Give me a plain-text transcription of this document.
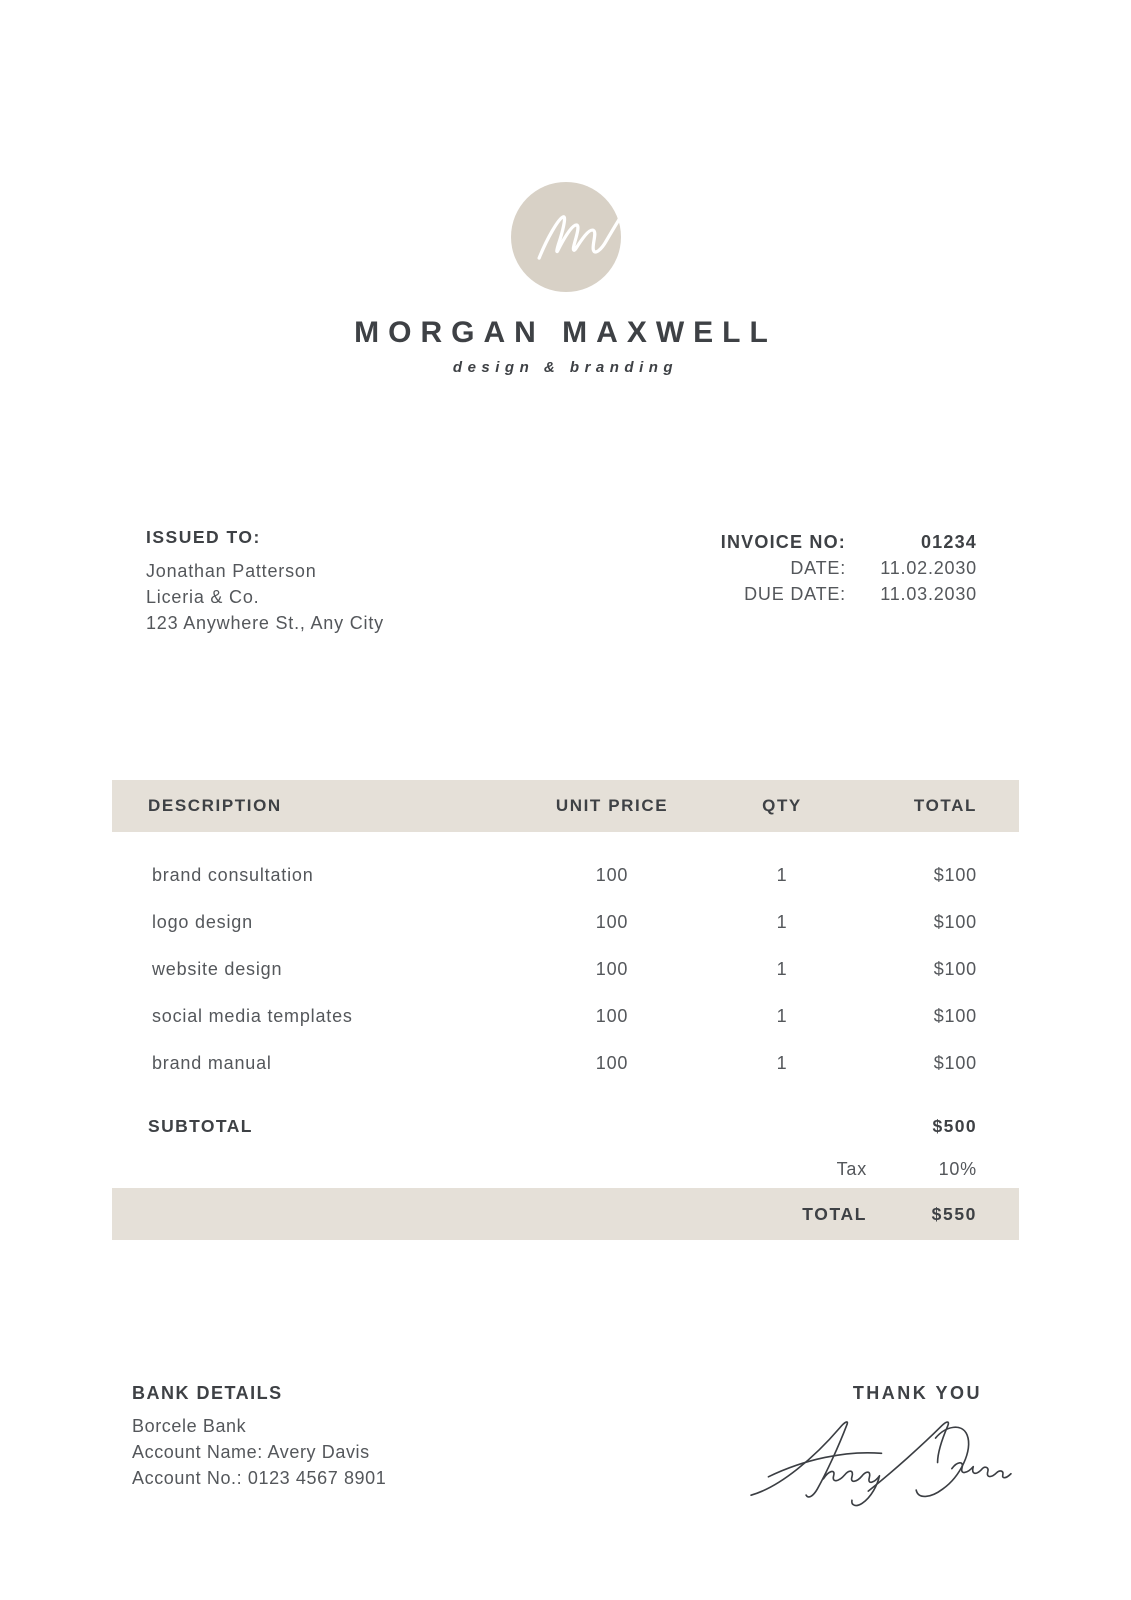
MORGAN MAXWELL
design & branding
ISSUED TO:
Jonathan Patterson
Liceria & Co.
123 Anywhere St., Any City
INVOICE NO:	01234
DATE:	11.02.2030
DUE DATE:	11.03.2030
DESCRIPTION	UNIT PRICE	QTY	TOTAL
brand consultation	100	1	$100
logo design	100	1	$100
website design	100	1	$100
social media templates	100	1	$100
brand manual	100	1	$100
SUBTOTAL	$500
Tax	10%
TOTAL	$550
BANK DETAILS
Borcele Bank
Account Name: Avery Davis
Account No.: 0123 4567 8901
THANK YOU
